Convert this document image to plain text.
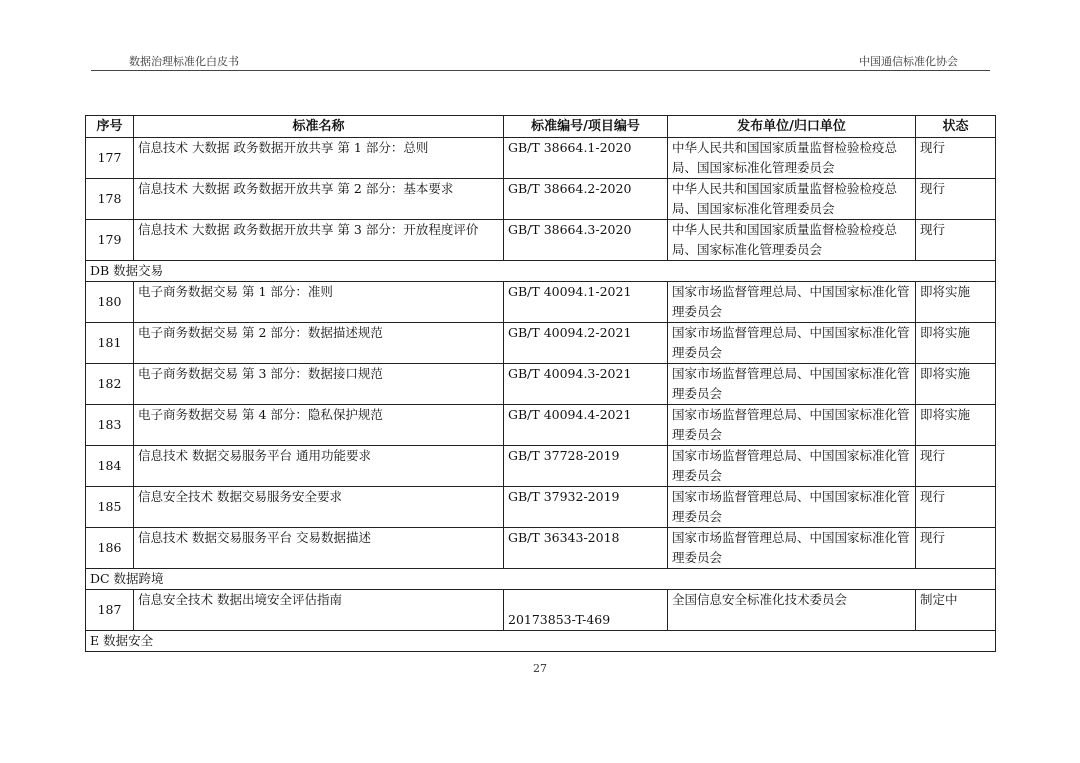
数据治理标准化白皮书	中国通信标准化协会
序号	标准名称	标准编号/项目编号	发布单位/归口单位	状态
177	信息技术 大数据 政务数据开放共享 第 1 部分：总则	GB/T 38664.1-2020	中华人民共和国国家质量监督检验检疫总局、国国家标准化管理委员会	现行
178	信息技术 大数据 政务数据开放共享 第 2 部分：基本要求	GB/T 38664.2-2020	中华人民共和国国家质量监督检验检疫总局、国国家标准化管理委员会	现行
179	信息技术 大数据 政务数据开放共享 第 3 部分：开放程度评价	GB/T 38664.3-2020	中华人民共和国国家质量监督检验检疫总局、国家标准化管理委员会	现行
DB 数据交易				
180	电子商务数据交易 第 1 部分：准则	GB/T 40094.1-2021	国家市场监督管理总局、中国国家标准化管理委员会	即将实施
181	电子商务数据交易 第 2 部分：数据描述规范	GB/T 40094.2-2021	国家市场监督管理总局、中国国家标准化管理委员会	即将实施
182	电子商务数据交易 第 3 部分：数据接口规范	GB/T 40094.3-2021	国家市场监督管理总局、中国国家标准化管理委员会	即将实施
183	电子商务数据交易 第 4 部分：隐私保护规范	GB/T 40094.4-2021	国家市场监督管理总局、中国国家标准化管理委员会	即将实施
184	信息技术 数据交易服务平台 通用功能要求	GB/T 37728-2019	国家市场监督管理总局、中国国家标准化管理委员会	现行
185	信息安全技术 数据交易服务安全要求	GB/T 37932-2019	国家市场监督管理总局、中国国家标准化管理委员会	现行
186	信息技术 数据交易服务平台 交易数据描述	GB/T 36343-2018	国家市场监督管理总局、中国国家标准化管理委员会	现行
DC 数据跨境				
187	信息安全技术 数据出境安全评估指南	20173853-T-469	全国信息安全标准化技术委员会	制定中
E 数据安全				
27
